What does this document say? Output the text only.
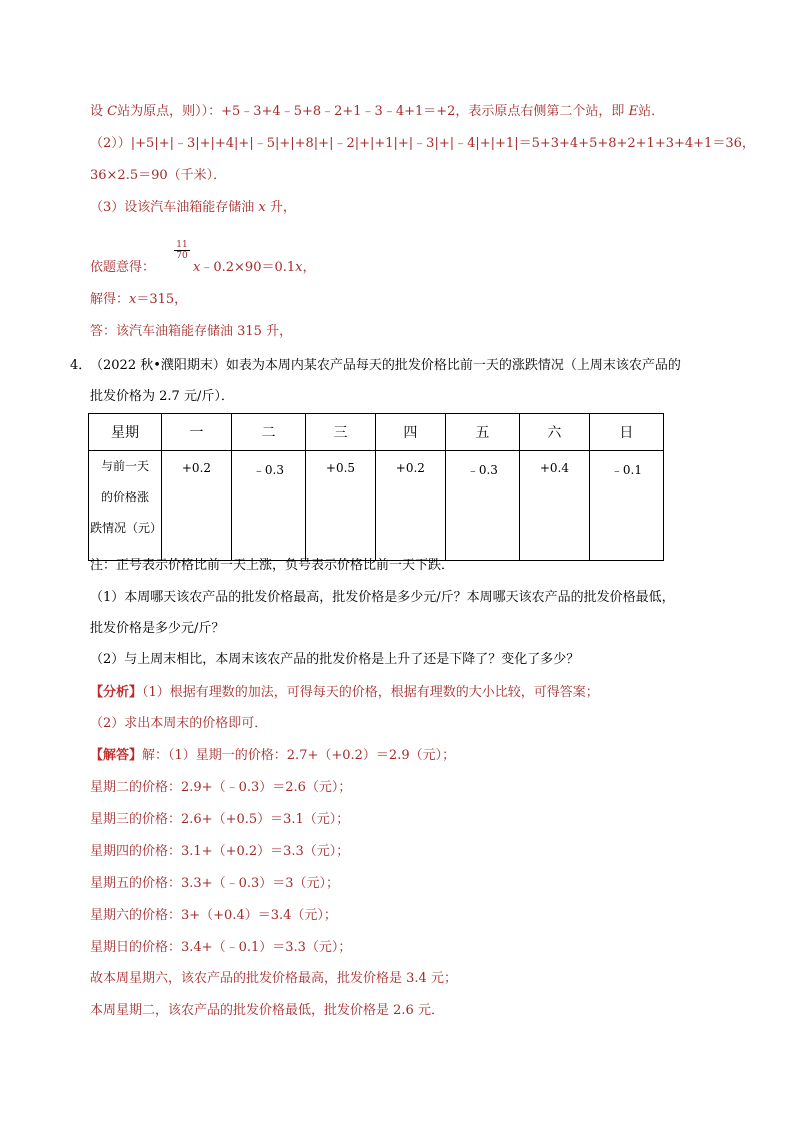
设 C站为原点，则））：+5﹣3+4﹣5+8﹣2+1﹣3﹣4+1＝+2，表示原点右侧第二个站，即 E站．
（2））|+5|+|﹣3|+|+4|+|﹣5|+|+8|+|﹣2|+|+1|+|﹣3|+|﹣4|+|+1|＝5+3+4+5+8+2+1+3+4+1＝36，
36×2.5＝90（千米）．
（3）设该汽车油箱能存储油 x 升，
$\frac{11}{70}$
依题意得：	x﹣0.2×90＝0.1x，
解得：x＝315，
答：该汽车油箱能存储油 315 升，
4．
（2022 秋•濮阳期末）如表为本周内某农产品每天的批发价格比前一天的涨跌情况（上周末该农产品的
批发价格为 2.7 元/斤）．
星期	一	二	三	四	五	六	日

与前一天
的价格涨
跌情况（元）	+0.2	﹣0.3	+0.5	+0.2	﹣0.3	+0.4	﹣0.1
注：正号表示价格比前一天上涨，负号表示价格比前一天下跌．
（1）本周哪天该农产品的批发价格最高，批发价格是多少元/斤？本周哪天该农产品的批发价格最低，
批发价格是多少元/斤？
（2）与上周末相比，本周末该农产品的批发价格是上升了还是下降了？变化了多少？
【分析】（1）根据有理数的加法，可得每天的价格，根据有理数的大小比较，可得答案；
（2）求出本周末的价格即可．
【解答】解：（1）星期一的价格：2.7+（+0.2）＝2.9（元）；
星期二的价格：2.9+（﹣0.3）＝2.6（元）；
星期三的价格：2.6+（+0.5）＝3.1（元）；
星期四的价格：3.1+（+0.2）＝3.3（元）；
星期五的价格：3.3+（﹣0.3）＝3（元）；
星期六的价格：3+（+0.4）＝3.4（元）；
星期日的价格：3.4+（﹣0.1）＝3.3（元）；
故本周星期六，该农产品的批发价格最高，批发价格是 3.4 元；
本周星期二，该农产品的批发价格最低，批发价格是 2.6 元．
